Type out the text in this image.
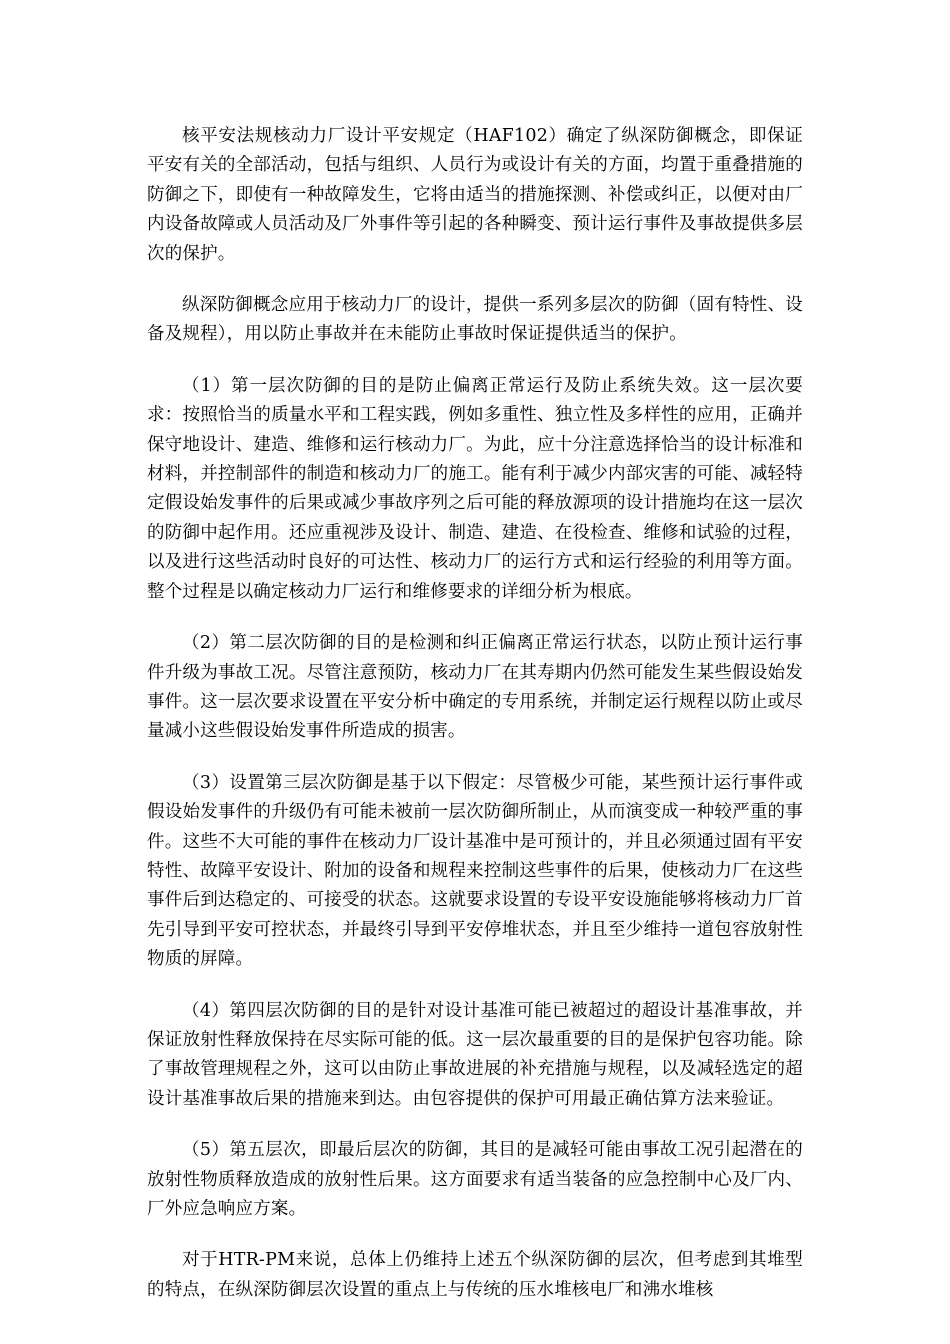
核平安法规核动力厂设计平安规定（HAF102）确定了纵深防御概念，即保证平安有关的全部活动，包括与组织、人员行为或设计有关的方面，均置于重叠措施的防御之下，即使有一种故障发生，它将由适当的措施探测、补偿或纠正，以便对由厂内设备故障或人员活动及厂外事件等引起的各种瞬变、预计运行事件及事故提供多层次的保护。

纵深防御概念应用于核动力厂的设计，提供一系列多层次的防御（固有特性、设备及规程），用以防止事故并在未能防止事故时保证提供适当的保护。

（1）第一层次防御的目的是防止偏离正常运行及防止系统失效。这一层次要求：按照恰当的质量水平和工程实践，例如多重性、独立性及多样性的应用，正确并保守地设计、建造、维修和运行核动力厂。为此，应十分注意选择恰当的设计标准和材料，并控制部件的制造和核动力厂的施工。能有利于减少内部灾害的可能、减轻特定假设始发事件的后果或减少事故序列之后可能的释放源项的设计措施均在这一层次的防御中起作用。还应重视涉及设计、制造、建造、在役检查、维修和试验的过程，以及进行这些活动时良好的可达性、核动力厂的运行方式和运行经验的利用等方面。整个过程是以确定核动力厂运行和维修要求的详细分析为根底。

（2）第二层次防御的目的是检测和纠正偏离正常运行状态，以防止预计运行事件升级为事故工况。尽管注意预防，核动力厂在其寿期内仍然可能发生某些假设始发事件。这一层次要求设置在平安分析中确定的专用系统，并制定运行规程以防止或尽量减小这些假设始发事件所造成的损害。

（3）设置第三层次防御是基于以下假定：尽管极少可能，某些预计运行事件或假设始发事件的升级仍有可能未被前一层次防御所制止，从而演变成一种较严重的事件。这些不大可能的事件在核动力厂设计基准中是可预计的，并且必须通过固有平安特性、故障平安设计、附加的设备和规程来控制这些事件的后果，使核动力厂在这些事件后到达稳定的、可接受的状态。这就要求设置的专设平安设施能够将核动力厂首先引导到平安可控状态，并最终引导到平安停堆状态，并且至少维持一道包容放射性物质的屏障。

（4）第四层次防御的目的是针对设计基准可能已被超过的超设计基准事故，并保证放射性释放保持在尽实际可能的低。这一层次最重要的目的是保护包容功能。除了事故管理规程之外，这可以由防止事故进展的补充措施与规程，以及减轻选定的超设计基准事故后果的措施来到达。由包容提供的保护可用最正确估算方法来验证。

（5）第五层次，即最后层次的防御，其目的是减轻可能由事故工况引起潜在的放射性物质释放造成的放射性后果。这方面要求有适当装备的应急控制中心及厂内、厂外应急响应方案。

对于HTR-PM来说，总体上仍维持上述五个纵深防御的层次，但考虑到其堆型的特点，在纵深防御层次设置的重点上与传统的压水堆核电厂和沸水堆核
